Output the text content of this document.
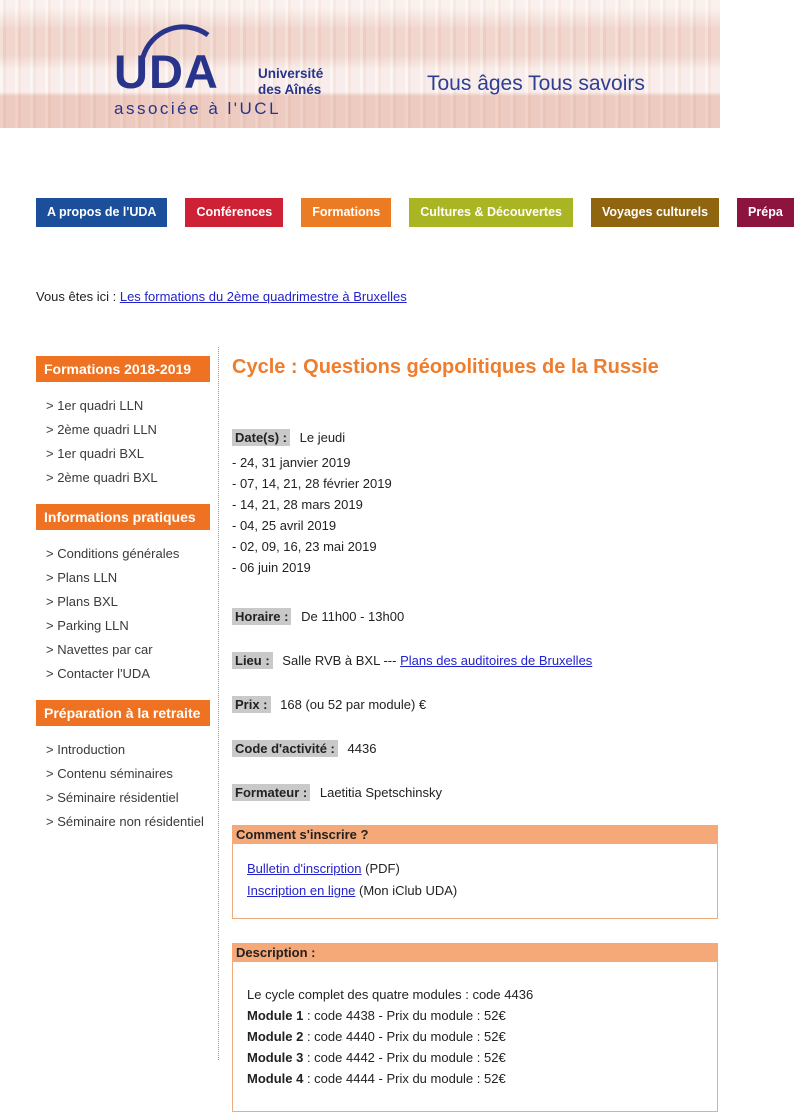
UDA	Université
des Aînés
associée à l'UCL
Tous âges Tous savoirs
A propos de l'UDA	Conférences	Formations	Cultures & Découvertes	Voyages culturels	Prépa
Vous êtes ici : Les formations du 2ème quadrimestre à Bruxelles
Formations 2018-2019
> 1er quadri LLN
> 2ème quadri LLN
> 1er quadri BXL
> 2ème quadri BXL
Informations pratiques
> Conditions générales
> Plans LLN
> Plans BXL
> Parking LLN
> Navettes par car
> Contacter l'UDA
Préparation à la retraite
> Introduction
> Contenu séminaires
> Séminaire résidentiel
> Séminaire non résidentiel
Cycle : Questions géopolitiques de la Russie
Date(s) : Le jeudi
- 24, 31 janvier 2019
- 07, 14, 21, 28 février 2019
- 14, 21, 28 mars 2019
- 04, 25 avril 2019
- 02, 09, 16, 23 mai 2019
- 06 juin 2019
Horaire : De 11h00 - 13h00
Lieu : Salle RVB à BXL --- Plans des auditoires de Bruxelles
Prix : 168 (ou 52 par module) €
Code d'activité : 4436
Formateur : Laetitia Spetschinsky
Comment s'inscrire ?
Bulletin d'inscription (PDF)
Inscription en ligne (Mon iClub UDA)
Description :
Le cycle complet des quatre modules : code 4436
Module 1 : code 4438 - Prix du module : 52€
Module 2 : code 4440 - Prix du module : 52€
Module 3 : code 4442 - Prix du module : 52€
Module 4 : code 4444 - Prix du module : 52€
